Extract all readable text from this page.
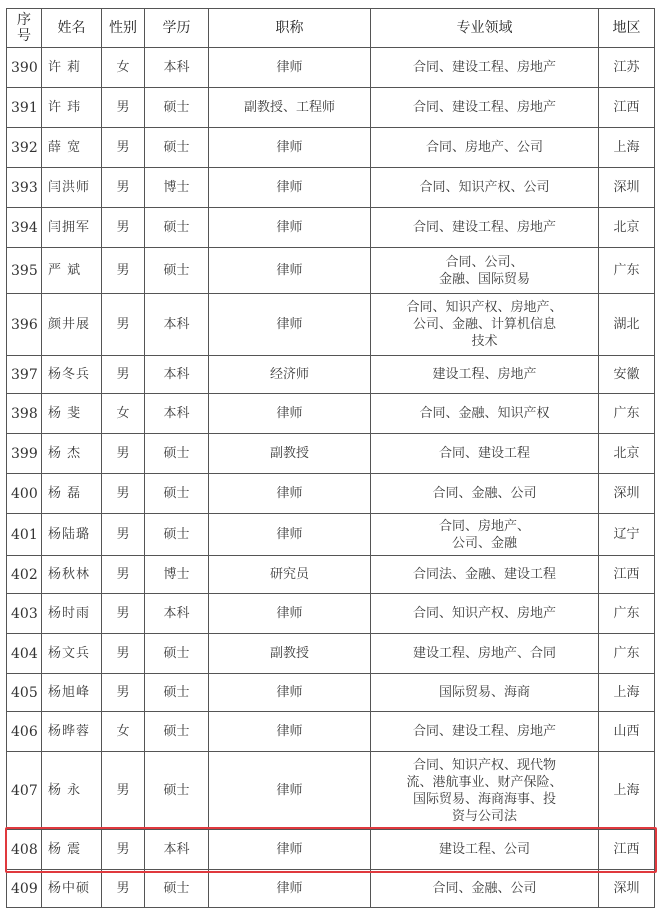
序号	姓名	性别	学历	职称	专业领域	地区
390	许 莉	女	本科	律师	合同、建设工程、房地产	江苏
391	许 玮	男	硕士	副教授、工程师	合同、建设工程、房地产	江西
392	薛 宽	男	硕士	律师	合同、房地产、公司	上海
393	闫洪师	男	博士	律师	合同、知识产权、公司	深圳
394	闫拥军	男	硕士	律师	合同、建设工程、房地产	北京
395	严 斌	男	硕士	律师	合同、公司、
金融、国际贸易	广东
396	颜井展	男	本科	律师	合同、知识产权、房地产、
公司、金融、计算机信息
技术	湖北
397	杨冬兵	男	本科	经济师	建设工程、房地产	安徽
398	杨 斐	女	本科	律师	合同、金融、知识产权	广东
399	杨 杰	男	硕士	副教授	合同、建设工程	北京
400	杨 磊	男	硕士	律师	合同、金融、公司	深圳
401	杨陆璐	男	硕士	律师	合同、房地产、
公司、金融	辽宁
402	杨秋林	男	博士	研究员	合同法、金融、建设工程	江西
403	杨时雨	男	本科	律师	合同、知识产权、房地产	广东
404	杨文兵	男	硕士	副教授	建设工程、房地产、合同	广东
405	杨旭峰	男	硕士	律师	国际贸易、海商	上海
406	杨晔蓉	女	硕士	律师	合同、建设工程、房地产	山西
407	杨 永	男	硕士	律师	合同、知识产权、现代物
流、港航事业、财产保险、
国际贸易、海商海事、投
资与公司法	上海
408	杨 震	男	本科	律师	建设工程、公司	江西
409	杨中硕	男	硕士	律师	合同、金融、公司	深圳
